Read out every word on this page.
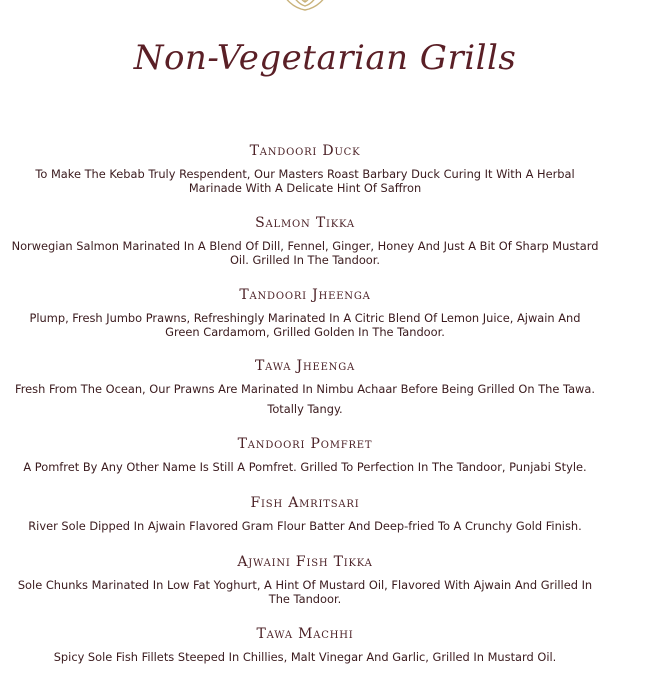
Non-Vegetarian Grills
Tandoori Duck
To Make The Kebab Truly Respendent, Our Masters Roast Barbary Duck Curing It With A Herbal
Marinade With A Delicate Hint Of Saffron
Salmon Tikka
Norwegian Salmon Marinated In A Blend Of Dill, Fennel, Ginger, Honey And Just A Bit Of Sharp Mustard
Oil. Grilled In The Tandoor.
Tandoori Jheenga
Plump, Fresh Jumbo Prawns, Refreshingly Marinated In A Citric Blend Of Lemon Juice, Ajwain And
Green Cardamom, Grilled Golden In The Tandoor.
Tawa Jheenga
Fresh From The Ocean, Our Prawns Are Marinated In Nimbu Achaar Before Being Grilled On The Tawa.
Totally Tangy.
Tandoori Pomfret
A Pomfret By Any Other Name Is Still A Pomfret. Grilled To Perfection In The Tandoor, Punjabi Style.
Fish Amritsari
River Sole Dipped In Ajwain Flavored Gram Flour Batter And Deep-fried To A Crunchy Gold Finish.
Ajwaini Fish Tikka
Sole Chunks Marinated In Low Fat Yoghurt, A Hint Of Mustard Oil, Flavored With Ajwain And Grilled In
The Tandoor.
Tawa Machhi
Spicy Sole Fish Fillets Steeped In Chillies, Malt Vinegar And Garlic, Grilled In Mustard Oil.
